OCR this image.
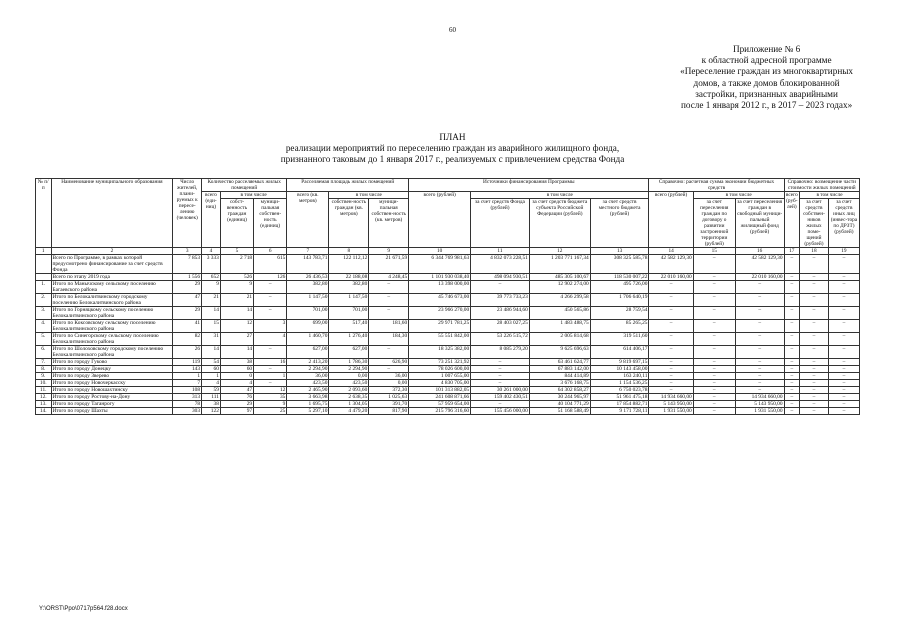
60
Приложение № 6
к областной адресной программе
«Переселение граждан из многоквартирных
домов, а также домов блокированной
застройки, признанных аварийными
после 1 января 2012 г., в 2017 – 2023 годах»
ПЛАН
реализации мероприятий по переселению граждан из аварийного жилищного фонда,
признанного таковым до 1 января 2017 г., реализуемых с привлечением средства Фонда
№ п/п	Наименование муниципального образования	Число жителей, плани-руемых к пересе-лению (человек)	Количество расселяемых жилых помещений			Расселяемая площадь жилых помещений			Источники финансирования Программы				Справочно: расчетная сумма экономии бюджетных средств			Справочно: возмещение части стоимости жилых помещений		
			всего (еди-ниц)	в том числе		всего (кв. метров)	в том числе		всего (рублей)	в том числе			всего (рублей)	в том числе		всего (руб-лей)	в том числе	
				собст-венность граждан (единиц)	муници-пальная собствен-ность (единиц)		собствен-ность граждан (кв. метров)	муници-пальная собствен-ность (кв. метров)		за счет средств Фонда (рублей)	за счет средств бюджета субъекта Российской Федерации (рублей)	за счет средств местного бюджета (рублей)		за счет переселения граждан по договору о развитии застроенной территории (рублей)	за счет переселения граждан в свободный муници-пальный жилищный фонд (рублей)		за счет средств собствен-ников жилых поме-щений (рублей)	за счет средств иных лиц (инвес-тора по ДРЗТ) (рублей)
1	2	3	4	5	6	7	8	9	10	11	12	13	14	15	16	17	18	19
	Всего по Программе, в рамках которой предусмотрено финансирование за счет средств Фонда	7 853	3 333	2 718	615	143 783,71	122 112,12	21 671,59	6 344 769 981,63	4 832 073 228,51	1 203 771 167,34	308 325 585,78	42 582 129,30	–	42 582 129,30	–	–	–
	Всего по этапу 2019 года	1 556	652	526	126	26 436,53	22 188,08	4 248,45	1 101 930 038,40	498 094 930,51	485 305 100,67	118 530 007,22	22 010 160,00	–	22 010 160,00	–	–	–
1.	Итого по Манычскому сельскому поселению Багаевского района	29	9	9	–	382,80	382,80	–	13 398 000,00	–	12 902 274,00	495 726,00	–	–	–	–	–	–
2.	Итого по Белокалитвинскому городскому поселению Белокалитвинского района	47	21	21	–	1 147,50	1 147,50	–	45 746 673,00	39 773 733,23	4 266 299,58	1 706 640,19	–	–	–	–	–	–
3.	Итого по Горняцкому сельскому поселению Белокалитвинского района	29	14	14	–	701,00	701,00	–	23 966 270,00	23 486 944,60	450 565,86	28 759,54	–	–	–	–	–	–
4.	Итого по Коксовскому сельскому поселению Белокалитвинского района	41	15	12	3	699,00	517,40	181,60	29 971 781,25	28 403 027,25	1 483 488,75	85 265,25	–	–	–	–	–	–
5.	Итого по Синегорскому сельскому поселению Белокалитвинского района	82	31	27	4	1 460,70	1 276,40	184,30	55 551 842,00	53 226 515,72	2 005 814,68	319 511,60	–	–	–	–	–	–
6.	Итого по Шолоховскому городскому поселению Белокалитвинского района	26	14	14	–	627,00	627,00	–	18 325 382,00	8 085 279,20	9 625 696,63	614 406,17	–	–	–	–	–	–
7.	Итого по городу Гуково	119	54	38	16	2 413,20	1 786,30	626,90	73 251 321,92	–	63 461 624,77	9 819 697,15	–	–	–	–	–	–
8.	Итого по городу Донецку	143	60	60	–	2 294,90	2 294,90	–	78 026 600,00	–	67 883 142,00	10 143 458,00	–	–	–	–	–	–
9.	Итого по городу Зверево	1	1	0	1	36,00	0,00	36,00	1 007 655,00	–	844 414,89	163 240,11	–	–	–	–	–	–
10.	Итого по городу Новочеркасску	7	4	4	–	423,50	423,50	0,00	4 830 705,00	–	3 676 168,75	1 154 536,25	–	–	–	–	–	–
11.	Итого по городу Новошахтинску	108	59	47	12	2 465,90	2 093,60	372,30	101 313 882,05	30 261 000,00	64 302 858,27	6 750 023,78	–	–	–	–	–	–
12.	Итого по городу Ростову-на-Дону	313	111	76	35	3 663,98	2 638,35	1 025,63	241 608 871,66	159 402 430,51	30 244 965,97	51 961 475,18	14 934 660,00	–	14 934 660,00	–	–	–
13.	Итого по городу Таганрогу	78	38	29	9	1 695,75	1 304,05	391,70	57 959 654,00	–	40 104 771,29	17 854 882,71	5 143 950,00	–	5 143 950,00	–	–	–
14.	Итого по городу Шахты	303	122	97	25	5 297,10	4 479,20	817,90	215 796 316,60	155 456 000,00	51 168 588,49	9 171 728,11	1 931 550,00	–	1 931 550,00	–	–	–
Y:\ORST\Ppo\0717p564.f28.docx
